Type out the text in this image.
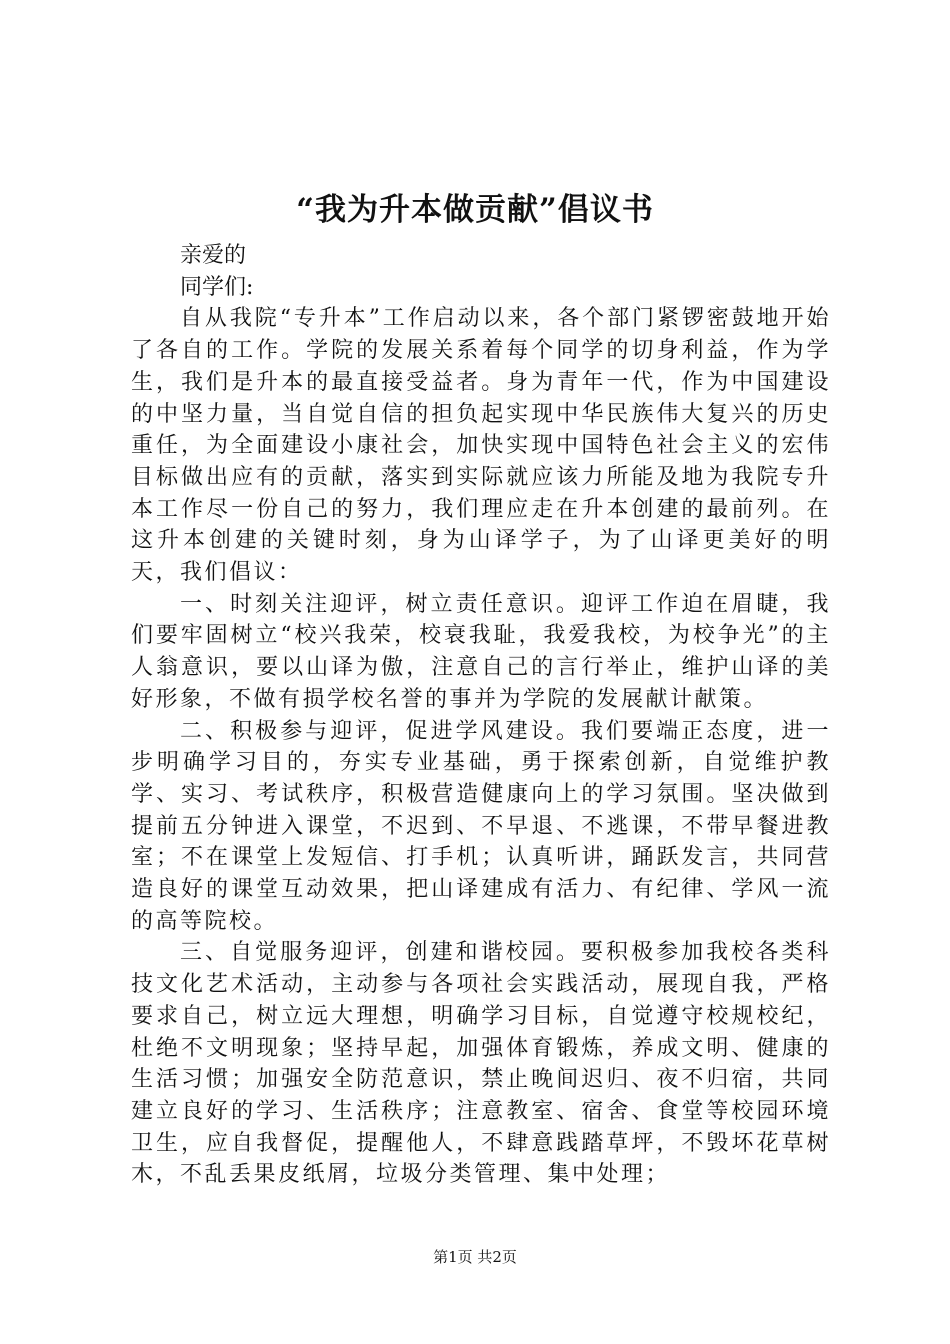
“我为升本做贡献”倡议书

亲爱的

同学们:

自从我院“专升本”工作启动以来，各个部门紧锣密鼓地开始了各自的工作。学院的发展关系着每个同学的切身利益，作为学生，我们是升本的最直接受益者。身为青年一代，作为中国建设的中坚力量，当自觉自信的担负起实现中华民族伟大复兴的历史重任，为全面建设小康社会，加快实现中国特色社会主义的宏伟目标做出应有的贡献，落实到实际就应该力所能及地为我院专升本工作尽一份自己的努力，我们理应走在升本创建的最前列。在这升本创建的关键时刻，身为山译学子，为了山译更美好的明天，我们倡议：

一、时刻关注迎评，树立责任意识。迎评工作迫在眉睫，我们要牢固树立“校兴我荣，校衰我耻，我爱我校，为校争光”的主人翁意识，要以山译为傲，注意自己的言行举止，维护山译的美好形象，不做有损学校名誉的事并为学院的发展献计献策。

二、积极参与迎评，促进学风建设。我们要端正态度，进一步明确学习目的，夯实专业基础，勇于探索创新，自觉维护教学、实习、考试秩序，积极营造健康向上的学习氛围。坚决做到提前五分钟进入课堂，不迟到、不早退、不逃课，不带早餐进教室；不在课堂上发短信、打手机；认真听讲，踊跃发言，共同营造良好的课堂互动效果，把山译建成有活力、有纪律、学风一流的高等院校。

三、自觉服务迎评，创建和谐校园。要积极参加我校各类科技文化艺术活动，主动参与各项社会实践活动，展现自我，严格要求自己，树立远大理想，明确学习目标，自觉遵守校规校纪，杜绝不文明现象；坚持早起，加强体育锻炼，养成文明、健康的生活习惯；加强安全防范意识，禁止晚间迟归、夜不归宿，共同建立良好的学习、生活秩序；注意教室、宿舍、食堂等校园环境卫生，应自我督促，提醒他人，不肆意践踏草坪，不毁坏花草树木，不乱丢果皮纸屑，垃圾分类管理、集中处理；

第1页 共2页
